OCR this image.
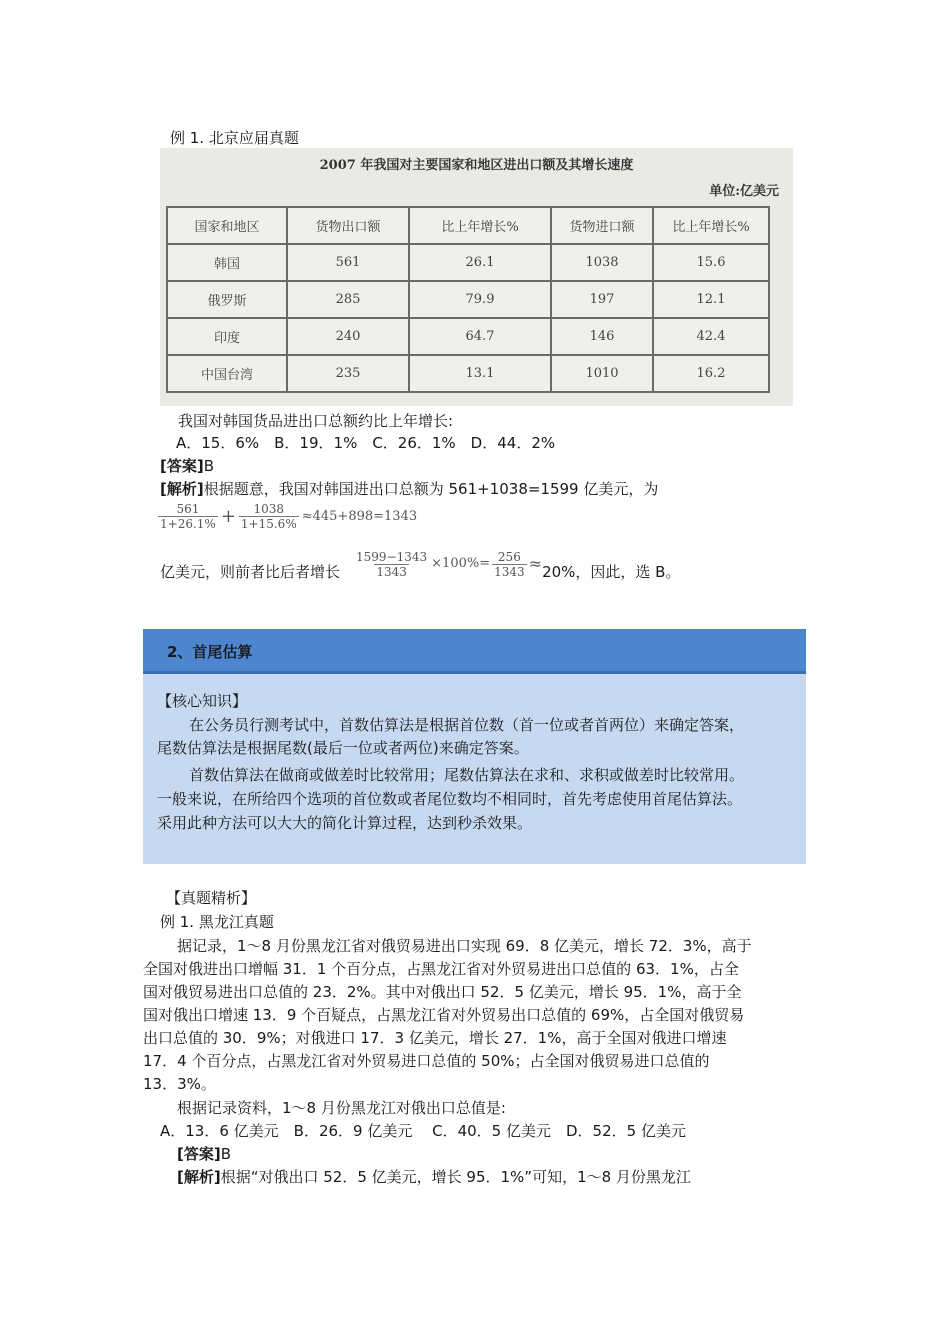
例 1. 北京应届真题
2007 年我国对主要国家和地区进出口额及其增长速度
单位:亿美元
国家和地区	货物出口额	比上年增长%	货物进口额	比上年增长%
韩国	561	26.1	1038	15.6
俄罗斯	285	79.9	197	12.1
印度	240	64.7	146	42.4
中国台湾	235	13.1	1010	16.2
我国对韩国货品进出口总额约比上年增长:
A．15．6%　B．19．1%　C．26．1%　D．44．2%
[答案]B
[解析]根据题意，我国对韩国进出口总额为 561+1038=1599 亿美元，为
$\frac{561}{1+26.1\%} + \frac{1038}{1+15.6\%} \approx 445+898=1343$
亿美元，则前者比后者增长 $\frac{1599-1343}{1343} \times 100\%= \frac{256}{1343} \approx 20\%$，因此，选 B。
2、首尾估算
【核心知识】
在公务员行测考试中，首数估算法是根据首位数（首一位或者首两位）来确定答案，
尾数估算法是根据尾数(最后一位或者两位)来确定答案。
首数估算法在做商或做差时比较常用；尾数估算法在求和、求积或做差时比较常用。
一般来说，在所给四个选项的首位数或者尾位数均不相同时，首先考虑使用首尾估算法。
采用此种方法可以大大的简化计算过程，达到秒杀效果。
【真题精析】
例 1. 黑龙江真题
据记录，1～8 月份黑龙江省对俄贸易进出口实现 69．8 亿美元，增长 72．3%，高于
全国对俄进出口增幅 31．1 个百分点，占黑龙江省对外贸易进出口总值的 63．1%，占全
国对俄贸易进出口总值的 23．2%。其中对俄出口 52．5 亿美元，增长 95．1%，高于全
国对俄出口增速 13．9 个百疑点，占黑龙江省对外贸易出口总值的 69%，占全国对俄贸易
出口总值的 30．9%；对俄进口 17．3 亿美元，增长 27．1%，高于全国对俄进口增速
17．4 个百分点，占黑龙江省对外贸易进口总值的 50%；占全国对俄贸易进口总值的
13．3%。
根据记录资料，1～8 月份黑龙江对俄出口总值是:
A．13．6 亿美元　B．26．9 亿美元　 C．40．5 亿美元　D．52．5 亿美元
[答案]B
[解析]根据“对俄出口 52．5 亿美元，增长 95．1%”可知，1～8 月份黑龙江
